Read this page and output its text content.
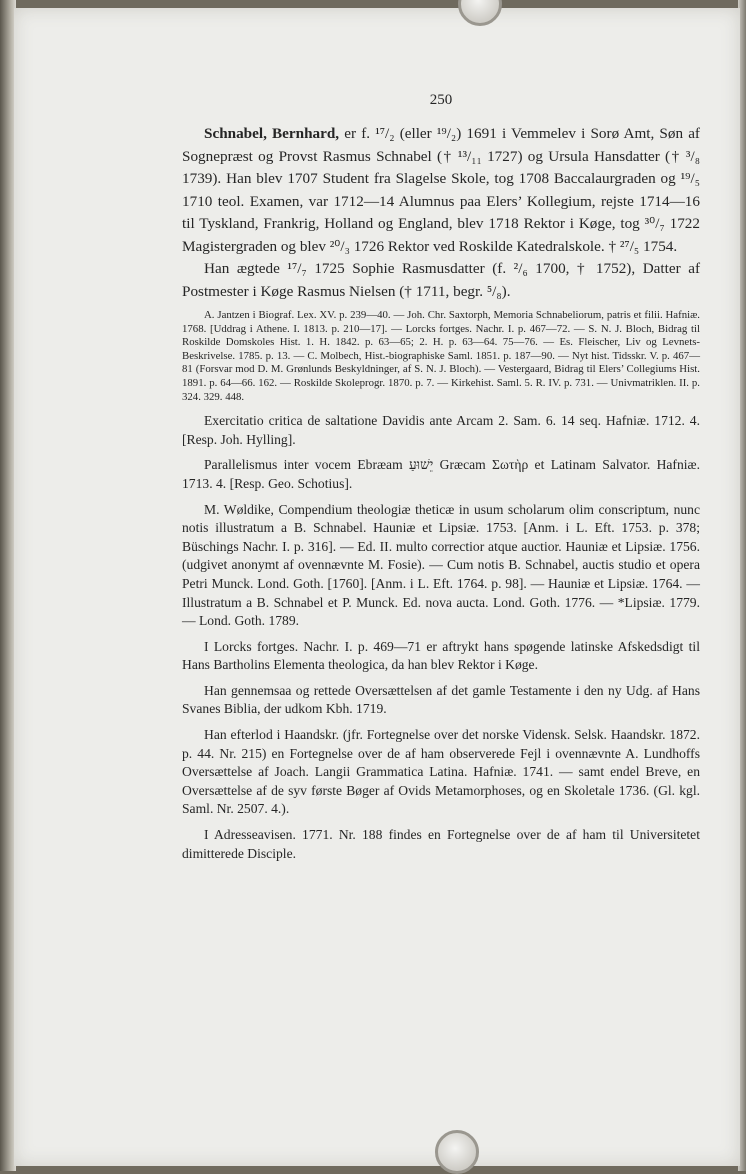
250

Schnabel, Bernhard, er f. ¹⁷/₂ (eller ¹⁹/₂) 1691 i Vemmelev i Sorø Amt, Søn af Sognepræst og Provst Rasmus Schnabel († ¹³/₁₁ 1727) og Ursula Hansdatter († ³/₈ 1739). Han blev 1707 Student fra Slagelse Skole, tog 1708 Baccalaurgraden og ¹⁹/₅ 1710 teol. Examen, var 1712—14 Alumnus paa Elers’ Kollegium, rejste 1714—16 til Tyskland, Frankrig, Holland og England, blev 1718 Rektor i Køge, tog ³⁰/₇ 1722 Magistergraden og blev ²⁰/₃ 1726 Rektor ved Roskilde Katedralskole. † ²⁷/₅ 1754.

Han ægtede ¹⁷/₇ 1725 Sophie Rasmusdatter (f. ²/₆ 1700, † 1752), Datter af Postmester i Køge Rasmus Nielsen († 1711, begr. ⁵/₈).

A. Jantzen i Biograf. Lex. XV. p. 239—40. — Joh. Chr. Saxtorph, Memoria Schnabeliorum, patris et filii. Hafniæ. 1768. [Uddrag i Athene. I. 1813. p. 210—17]. — Lorcks fortges. Nachr. I. p. 467—72. — S. N. J. Bloch, Bidrag til Roskilde Domskoles Hist. 1. H. 1842. p. 63—65; 2. H. p. 63—64. 75—76. — Es. Fleischer, Liv og Levnets-Beskrivelse. 1785. p. 13. — C. Molbech, Hist.-biographiske Saml. 1851. p. 187—90. — Nyt hist. Tidsskr. V. p. 467—81 (Forsvar mod D. M. Grønlunds Beskyldninger, af S. N. J. Bloch). — Vestergaard, Bidrag til Elers’ Collegiums Hist. 1891. p. 64—66. 162. — Roskilde Skoleprogr. 1870. p. 7. — Kirkehist. Saml. 5. R. IV. p. 731. — Univmatriklen. II. p. 324. 329. 448.

Exercitatio critica de saltatione Davidis ante Arcam 2. Sam. 6. 14 seq. Hafniæ. 1712. 4. [Resp. Joh. Hylling].

Parallelismus inter vocem Ebræam יֵשׁוּעַ Græcam Σωτὴρ et Latinam Salvator. Hafniæ. 1713. 4. [Resp. Geo. Schotius].

M. Wøldike, Compendium theologiæ theticæ in usum scholarum olim conscriptum, nunc notis illustratum a B. Schnabel. Hauniæ et Lipsiæ. 1753. [Anm. i L. Eft. 1753. p. 378; Büschings Nachr. I. p. 316]. — Ed. II. multo correctior atque auctior. Hauniæ et Lipsiæ. 1756. (udgivet anonymt af ovennævnte M. Fosie). — Cum notis B. Schnabel, auctis studio et opera Petri Munck. Lond. Goth. [1760]. [Anm. i L. Eft. 1764. p. 98]. — Hauniæ et Lipsiæ. 1764. — Illustratum a B. Schnabel et P. Munck. Ed. nova aucta. Lond. Goth. 1776. — *Lipsiæ. 1779. — Lond. Goth. 1789.

I Lorcks fortges. Nachr. I. p. 469—71 er aftrykt hans spøgende latinske Afskedsdigt til Hans Bartholins Elementa theologica, da han blev Rektor i Køge.

Han gennemsaa og rettede Oversættelsen af det gamle Testamente i den ny Udg. af Hans Svanes Biblia, der udkom Kbh. 1719.

Han efterlod i Haandskr. (jfr. Fortegnelse over det norske Vidensk. Selsk. Haandskr. 1872. p. 44. Nr. 215) en Fortegnelse over de af ham observerede Fejl i ovennævnte A. Lundhoffs Oversættelse af Joach. Langii Grammatica Latina. Hafniæ. 1741. — samt endel Breve, en Oversættelse af de syv første Bøger af Ovids Metamorphoses, og en Skoletale 1736. (Gl. kgl. Saml. Nr. 2507. 4.).

I Adresseavisen. 1771. Nr. 188 findes en Fortegnelse over de af ham til Universitetet dimitterede Disciple.
